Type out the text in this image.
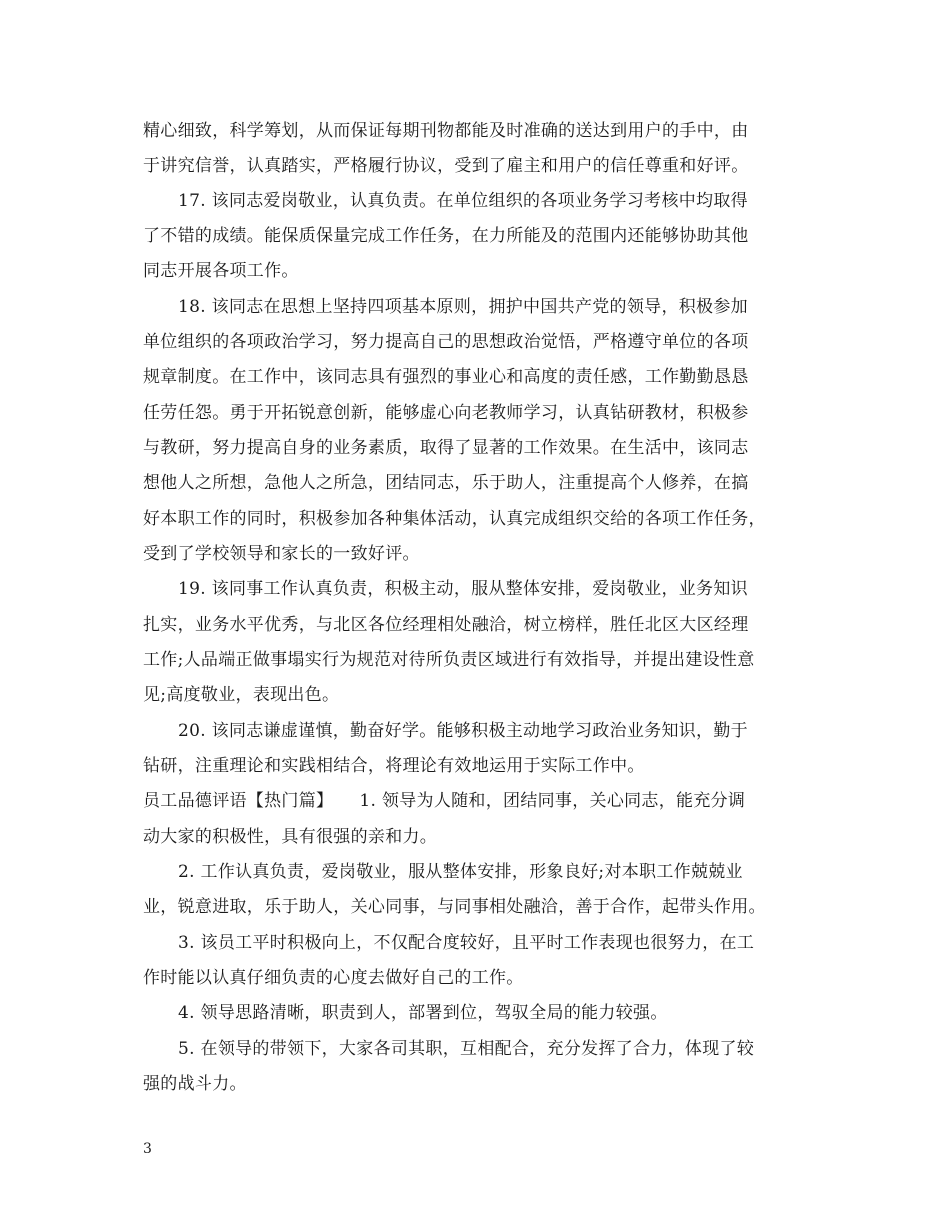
精心细致，科学筹划，从而保证每期刊物都能及时准确的送达到用户的手中，由
于讲究信誉，认真踏实，严格履行协议，受到了雇主和用户的信任尊重和好评。
17. 该同志爱岗敬业，认真负责。在单位组织的各项业务学习考核中均取得
了不错的成绩。能保质保量完成工作任务，在力所能及的范围内还能够协助其他
同志开展各项工作。
18. 该同志在思想上坚持四项基本原则，拥护中国共产党的领导，积极参加
单位组织的各项政治学习，努力提高自己的思想政治觉悟，严格遵守单位的各项
规章制度。在工作中，该同志具有强烈的事业心和高度的责任感，工作勤勤恳恳
任劳任怨。勇于开拓锐意创新，能够虚心向老教师学习，认真钻研教材，积极参
与教研，努力提高自身的业务素质，取得了显著的工作效果。在生活中，该同志
想他人之所想，急他人之所急，团结同志，乐于助人，注重提高个人修养，在搞
好本职工作的同时，积极参加各种集体活动，认真完成组织交给的各项工作任务，
受到了学校领导和家长的一致好评。
19. 该同事工作认真负责，积极主动，服从整体安排，爱岗敬业，业务知识
扎实，业务水平优秀，与北区各位经理相处融洽，树立榜样，胜任北区大区经理
工作;人品端正做事塌实行为规范对待所负责区域进行有效指导，并提出建设性意
见;高度敬业，表现出色。
20. 该同志谦虚谨慎，勤奋好学。能够积极主动地学习政治业务知识，勤于
钻研，注重理论和实践相结合，将理论有效地运用于实际工作中。
员工品德评语【热门篇】　　1. 领导为人随和，团结同事，关心同志，能充分调
动大家的积极性，具有很强的亲和力。
2. 工作认真负责，爱岗敬业，服从整体安排，形象良好;对本职工作兢兢业
业，锐意进取，乐于助人，关心同事，与同事相处融洽，善于合作，起带头作用。
3. 该员工平时积极向上，不仅配合度较好，且平时工作表现也很努力，在工
作时能以认真仔细负责的心度去做好自己的工作。
4. 领导思路清晰，职责到人，部署到位，驾驭全局的能力较强。
5. 在领导的带领下，大家各司其职，互相配合，充分发挥了合力，体现了较
强的战斗力。
3
